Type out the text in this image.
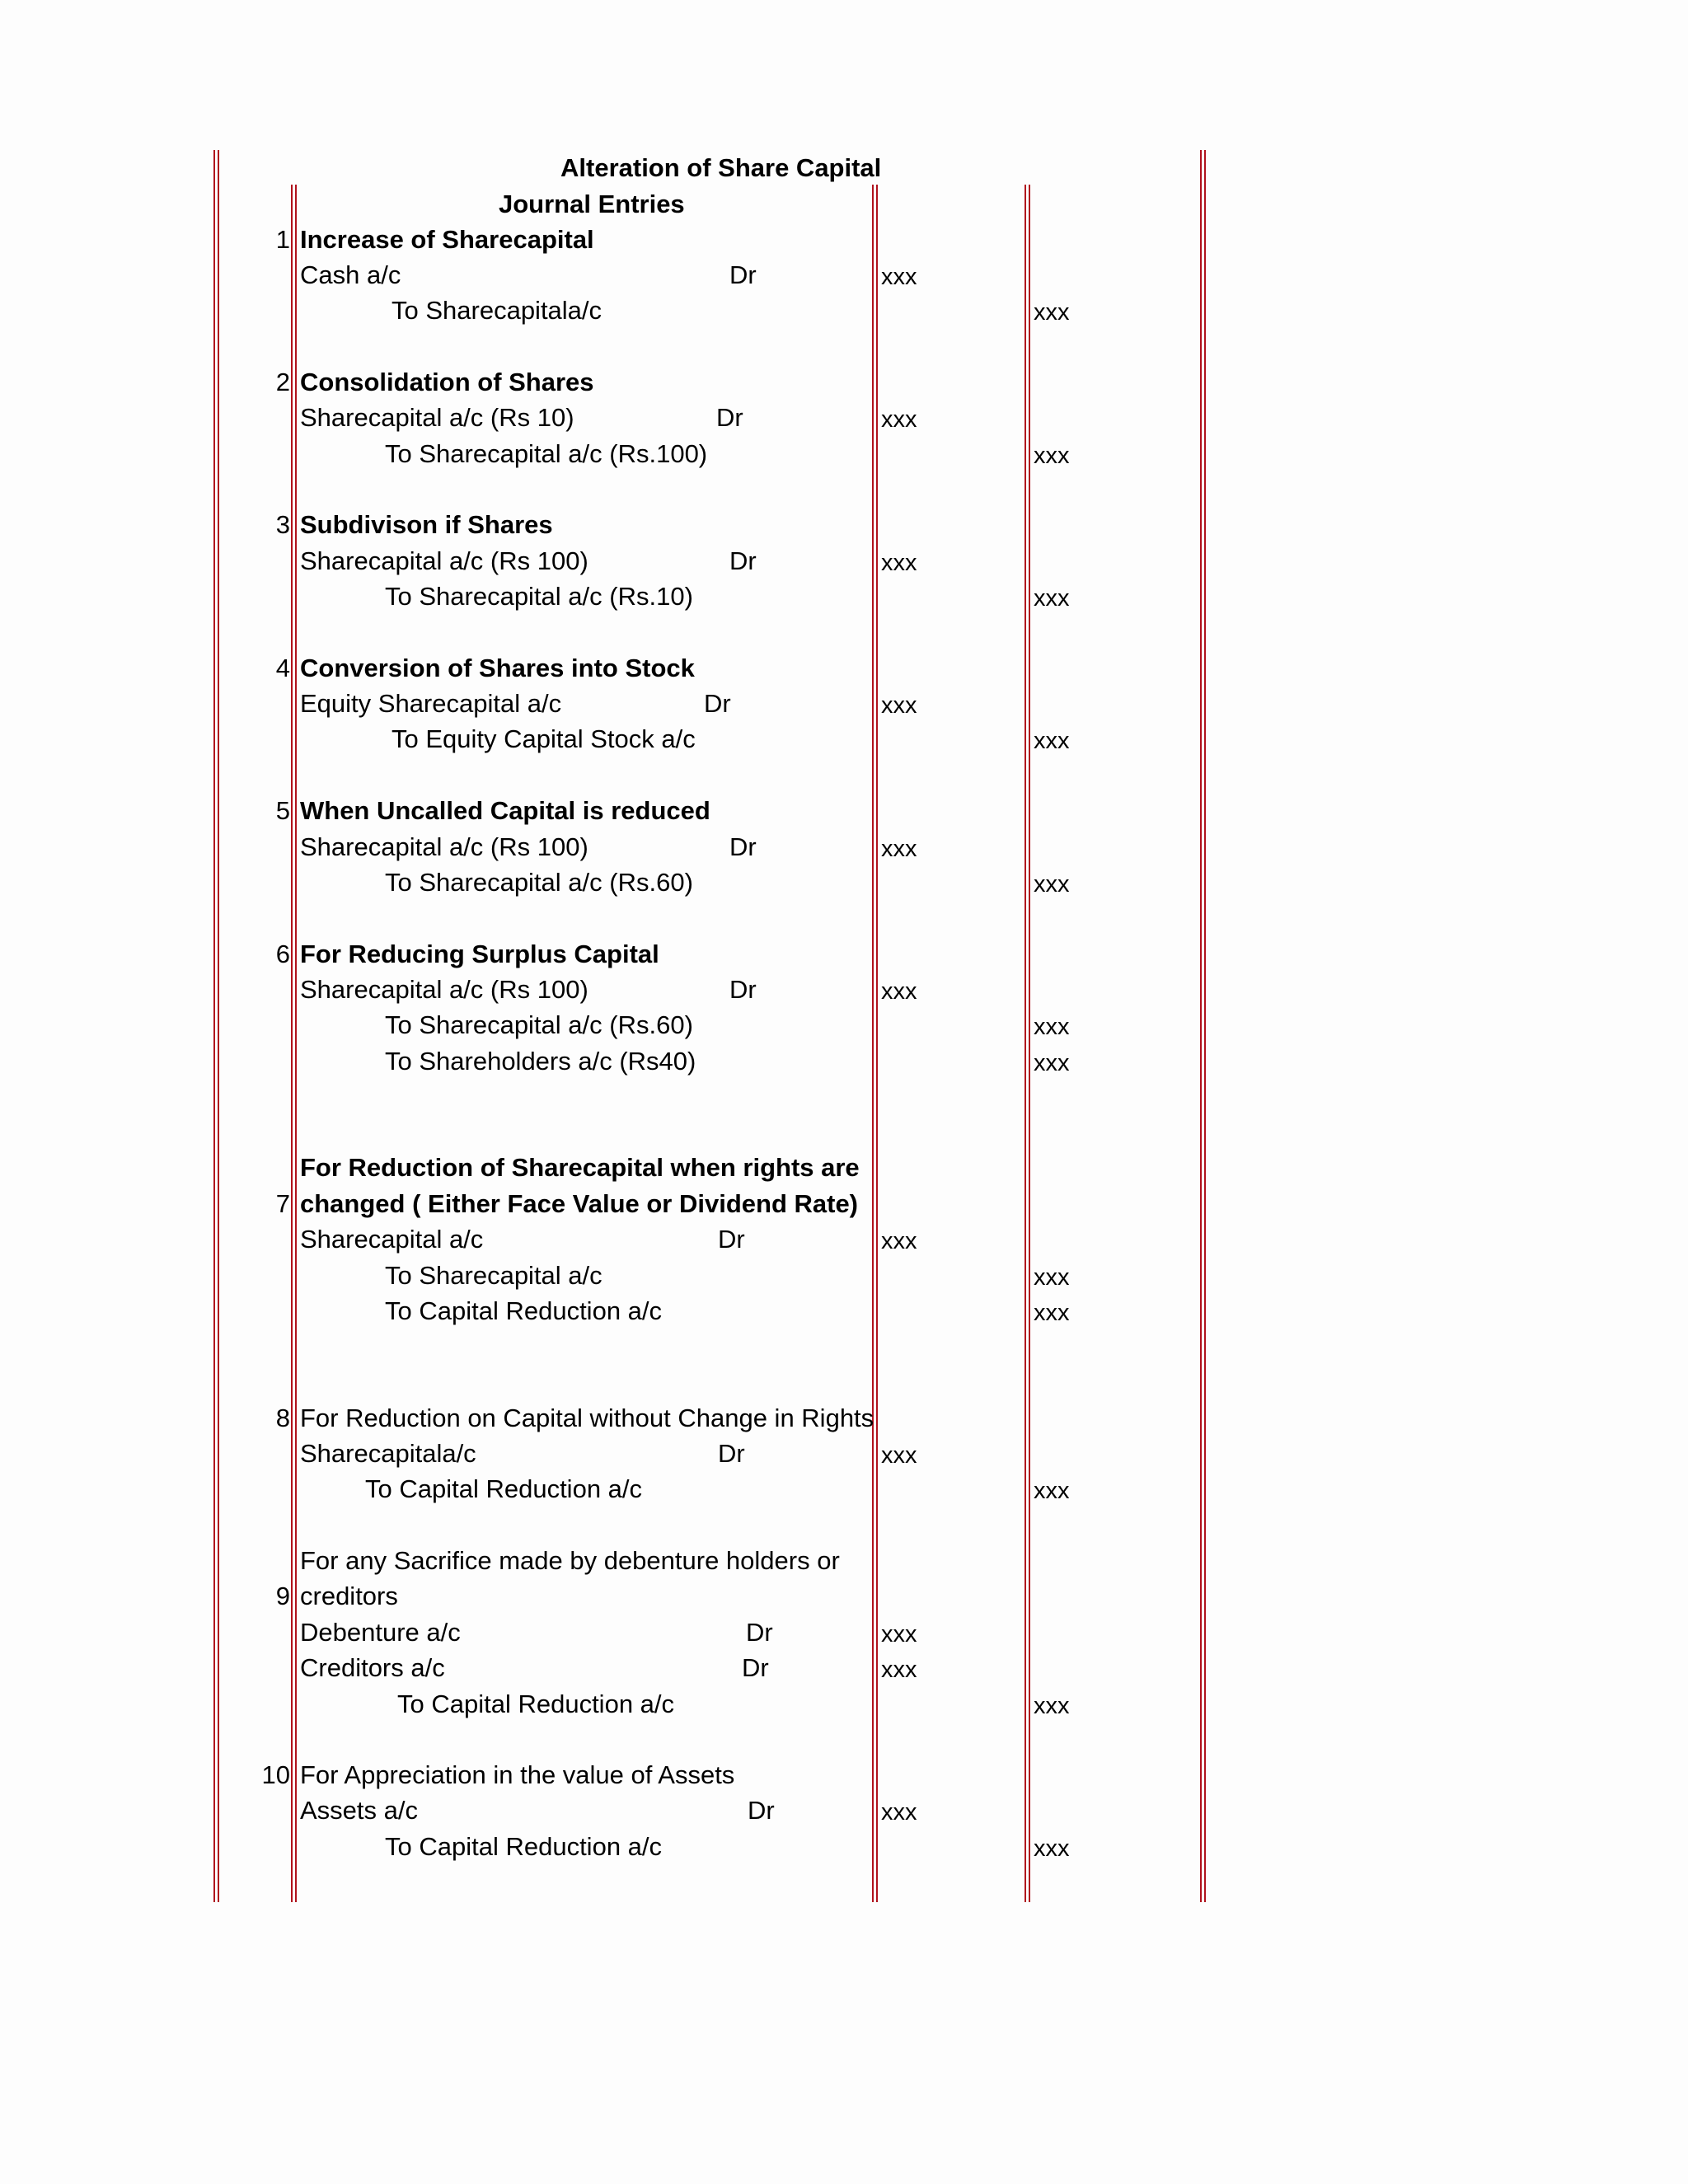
Alteration of Share Capital
Journal Entries
1 Increase of Sharecapital
Cash a/c	Dr	xxx
To Sharecapitala/c	xxx
2 Consolidation of Shares
Sharecapital a/c (Rs 10)	Dr	xxx
To Sharecapital a/c (Rs.100)	xxx
3 Subdivison if Shares
Sharecapital a/c (Rs 100)	Dr	xxx
To Sharecapital a/c (Rs.10)	xxx
4 Conversion of Shares into Stock
Equity Sharecapital a/c	Dr	xxx
To Equity Capital Stock a/c	xxx
5 When Uncalled Capital is reduced
Sharecapital a/c (Rs 100)	Dr	xxx
To Sharecapital a/c (Rs.60)	xxx
6 For Reducing Surplus Capital
Sharecapital a/c (Rs 100)	Dr	xxx
To Sharecapital a/c (Rs.60)	xxx
To Shareholders a/c (Rs40)	xxx
For Reduction of Sharecapital when rights are
7 changed ( Either Face Value or Dividend Rate)
Sharecapital a/c	Dr	xxx
To Sharecapital a/c	xxx
To Capital Reduction a/c	xxx
8 For Reduction on Capital without Change in Rights
Sharecapitala/c	Dr	xxx
To Capital Reduction a/c	xxx
For any Sacrifice made by debenture holders or
9 creditors
Debenture a/c	Dr	xxx
Creditors a/c	Dr	xxx
To Capital Reduction a/c	xxx
10 For Appreciation in the value of Assets
Assets a/c	Dr	xxx
To Capital Reduction a/c	xxx
